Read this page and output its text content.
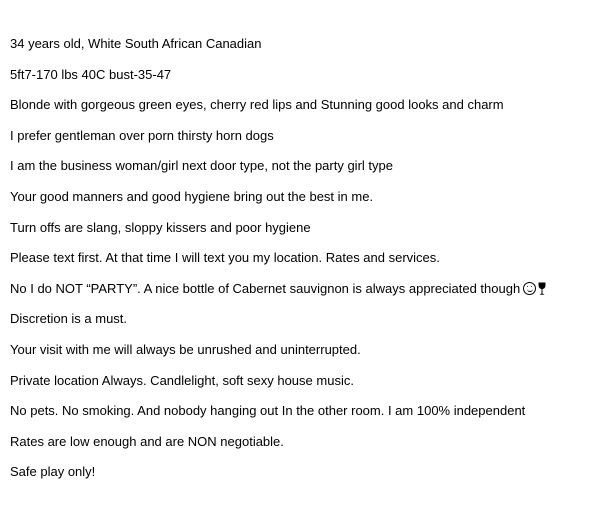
34 years old, White South African Canadian
5ft7-170 lbs 40C bust-35-47
Blonde with gorgeous green eyes, cherry red lips and Stunning good looks and charm
I prefer gentleman over porn thirsty horn dogs
I am the business woman/girl next door type, not the party girl type
Your good manners and good hygiene bring out the best in me.
Turn offs are slang, sloppy kissers and poor hygiene
Please text first. At that time I will text you my location. Rates and services.
No I do NOT “PARTY”. A nice bottle of Cabernet sauvignon is always appreciated though
Discretion is a must.
Your visit with me will always be unrushed and uninterrupted.
Private location Always. Candlelight, soft sexy house music.
No pets. No smoking. And nobody hanging out In the other room. I am 100% independent
Rates are low enough and are NON negotiable.
Safe play only!
